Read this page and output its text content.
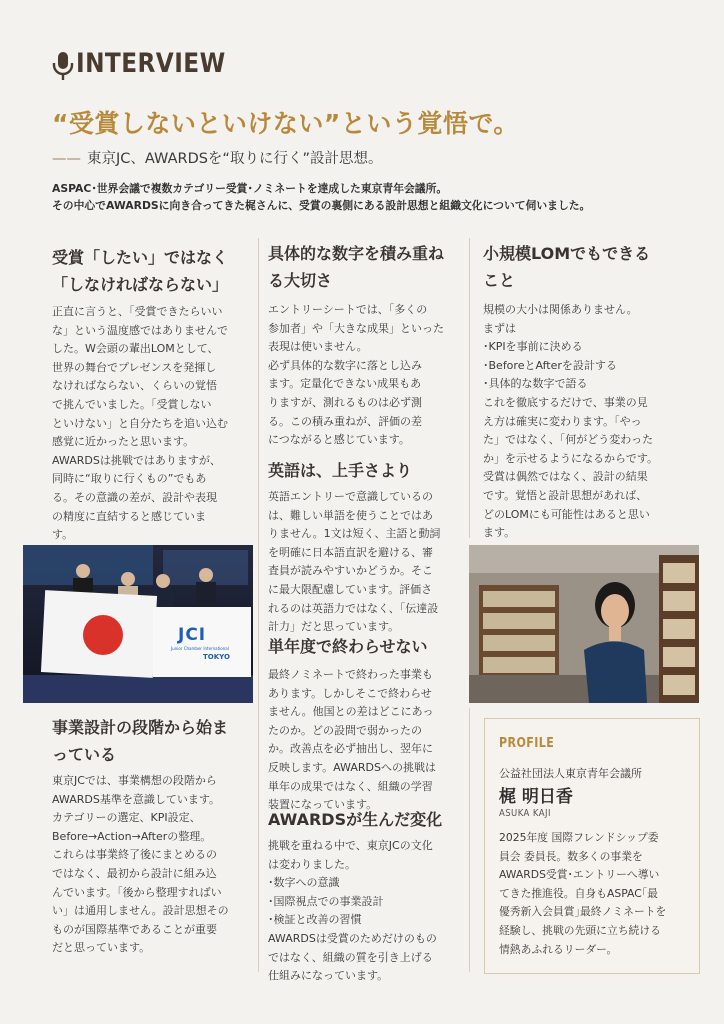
INTERVIEW
“受賞しないといけない”という覚悟で。
—— 東京JC、AWARDSを“取りに行く”設計思想。
ASPAC･世界会議で複数カテゴリー受賞･ノミネートを達成した東京青年会議所。
その中心でAWARDSに向き合ってきた梶さんに、受賞の裏側にある設計思想と組織文化について伺いました。
受賞「したい」ではなく
「しなければならない」
正直に言うと、「受賞できたらいい
な」という温度感ではありませんで
した。W会頭の輩出LOMとして、
世界の舞台でプレゼンスを発揮し
なければならない、くらいの覚悟
で挑んでいました。「受賞しない
といけない」と自分たちを追い込む
感覚に近かったと思います。
AWARDSは挑戦ではありますが、
同時に“取りに行くもの”でもあ
る。その意識の差が、設計や表現
の精度に直結すると感じていま
す。
JCI
Junior Chamber International
TOKYO
事業設計の段階から始ま
っている
東京JCでは、事業構想の段階から
AWARDS基準を意識しています。
カテゴリーの選定、KPI設定、
Before→Action→Afterの整理。
これらは事業終了後にまとめるの
ではなく、最初から設計に組み込
んでいます。「後から整理すればい
い」は通用しません。設計思想その
ものが国際基準であることが重要
だと思っています。
具体的な数字を積み重ね
る大切さ
エントリーシートでは、「多くの
参加者」や「大きな成果」といった
表現は使いません。
必ず具体的な数字に落とし込み
ます。定量化できない成果もあ
りますが、測れるものは必ず測
る。この積み重ねが、評価の差
につながると感じています。
英語は、上手さより
英語エントリーで意識しているの
は、難しい単語を使うことではあ
りません。1文は短く、主語と動詞
を明確に日本語直訳を避ける、審
査員が読みやすいかどうか。そこ
に最大限配慮しています。評価さ
れるのは英語力ではなく、「伝達設
計力」だと思っています。
単年度で終わらせない
最終ノミネートで終わった事業も
あります。しかしそこで終わらせ
ません。他国との差はどこにあっ
たのか。どの設問で弱かったの
か。改善点を必ず抽出し、翌年に
反映します。AWARDSへの挑戦は
単年の成果ではなく、組織の学習
装置になっています。
AWARDSが生んだ変化
挑戦を重ねる中で、東京JCの文化
は変わりました。
･数字への意識
･国際視点での事業設計
･検証と改善の習慣
AWARDSは受賞のためだけのもの
ではなく、組織の質を引き上げる
仕組みになっています。
小規模LOMでもできる
こと
規模の大小は関係ありません。
まずは
･KPIを事前に決める
･BeforeとAfterを設計する
･具体的な数字で語る
これを徹底するだけで、事業の見
え方は確実に変わります。「やっ
た」ではなく、「何がどう変わった
か」を示せるようになるからです。
受賞は偶然ではなく、設計の結果
です。覚悟と設計思想があれば、
どのLOMにも可能性はあると思い
ます。
PROFILE
公益社団法人東京青年会議所
梶 明日香
ASUKA KAJI
2025年度 国際フレンドシップ委
員会 委員長。数多くの事業を
AWARDS受賞･エントリーへ導い
てきた推進役。自身もASPAC｢最
優秀新入会員賞｣最終ノミネートを
経験し、挑戦の先頭に立ち続ける
情熱あふれるリーダー。
